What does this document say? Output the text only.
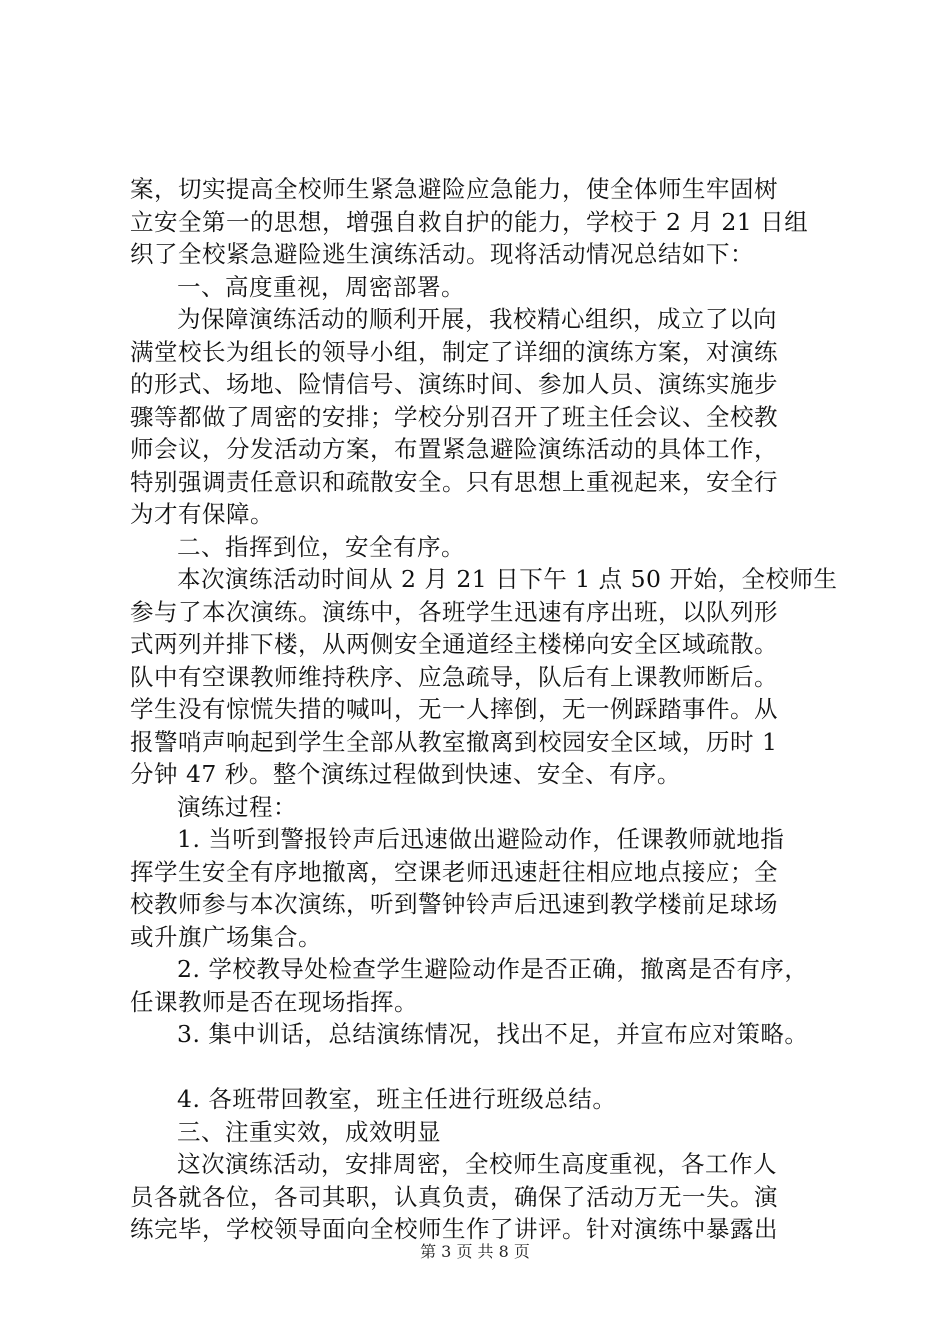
案，切实提高全校师生紧急避险应急能力，使全体师生牢固树
立安全第一的思想，增强自救自护的能力，学校于 2 月 21 日组
织了全校紧急避险逃生演练活动。现将活动情况总结如下：
一、高度重视，周密部署。
为保障演练活动的顺利开展，我校精心组织，成立了以向
满堂校长为组长的领导小组，制定了详细的演练方案，对演练
的形式、场地、险情信号、演练时间、参加人员、演练实施步
骤等都做了周密的安排；学校分别召开了班主任会议、全校教
师会议，分发活动方案，布置紧急避险演练活动的具体工作，
特别强调责任意识和疏散安全。只有思想上重视起来，安全行
为才有保障。
二、指挥到位，安全有序。
本次演练活动时间从 2 月 21 日下午 1 点 50 开始，全校师生
参与了本次演练。演练中，各班学生迅速有序出班，以队列形
式两列并排下楼，从两侧安全通道经主楼梯向安全区域疏散。
队中有空课教师维持秩序、应急疏导，队后有上课教师断后。
学生没有惊慌失措的喊叫，无一人摔倒，无一例踩踏事件。从
报警哨声响起到学生全部从教室撤离到校园安全区域，历时 1
分钟 47 秒。整个演练过程做到快速、安全、有序。
演练过程：
1. 当听到警报铃声后迅速做出避险动作，任课教师就地指
挥学生安全有序地撤离，空课老师迅速赶往相应地点接应；全
校教师参与本次演练，听到警钟铃声后迅速到教学楼前足球场
或升旗广场集合。
2. 学校教导处检查学生避险动作是否正确，撤离是否有序，
任课教师是否在现场指挥。
3. 集中训话，总结演练情况，找出不足，并宣布应对策略。
4. 各班带回教室，班主任进行班级总结。
三、注重实效，成效明显
这次演练活动，安排周密，全校师生高度重视，各工作人
员各就各位，各司其职，认真负责，确保了活动万无一失。演
练完毕，学校领导面向全校师生作了讲评。针对演练中暴露出
第 3 页 共 8 页
